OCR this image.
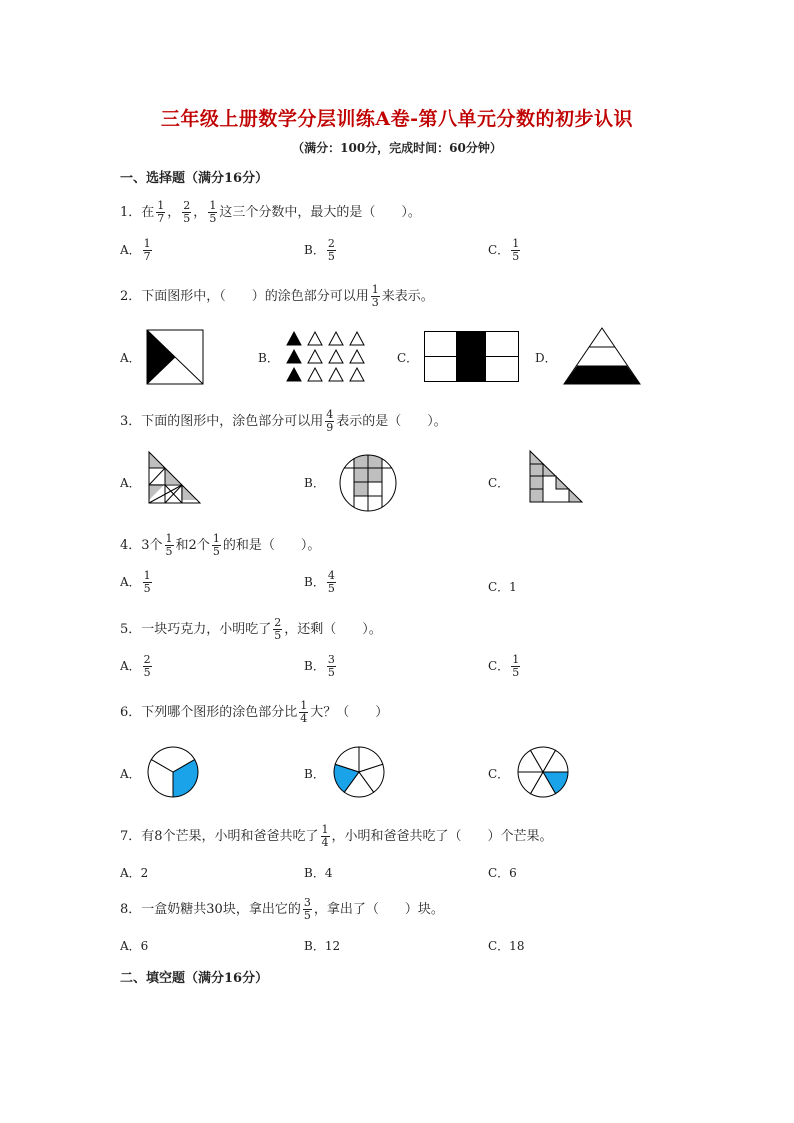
三年级上册数学分层训练A卷-第八单元分数的初步认识
（满分：100分，完成时间：60分钟）
一、选择题（满分16分）
1．在 $\frac{1}{7}$ ， $\frac{2}{5}$ ， $\frac{1}{5}$ 这三个分数中，最大的是（　　）。
A． $\frac{1}{7}$	B． $\frac{2}{5}$	C． $\frac{1}{5}$
2．下面图形中，（　　）的涂色部分可以用 $\frac{1}{3}$ 来表示。
A．	B．	C．	D．
3．下面的图形中，涂色部分可以用 $\frac{4}{9}$ 表示的是（　　）。
A．	B．	C．
4．3个 $\frac{1}{5}$ 和2个 $\frac{1}{5}$ 的和是（　　）。
A． $\frac{1}{5}$	B． $\frac{4}{5}$	C．1
5．一块巧克力，小明吃了 $\frac{2}{5}$ ，还剩（　　）。
A． $\frac{2}{5}$	B． $\frac{3}{5}$	C． $\frac{1}{5}$
6．下列哪个图形的涂色部分比 $\frac{1}{4}$ 大？（　　）
A．	B．	C．
7．有8个芒果，小明和爸爸共吃了 $\frac{1}{4}$ ，小明和爸爸共吃了（　　）个芒果。
A．2	B．4	C．6
8．一盒奶糖共30块，拿出它的 $\frac{3}{5}$ ，拿出了（　　）块。
A．6	B．12	C．18
二、填空题（满分16分）
